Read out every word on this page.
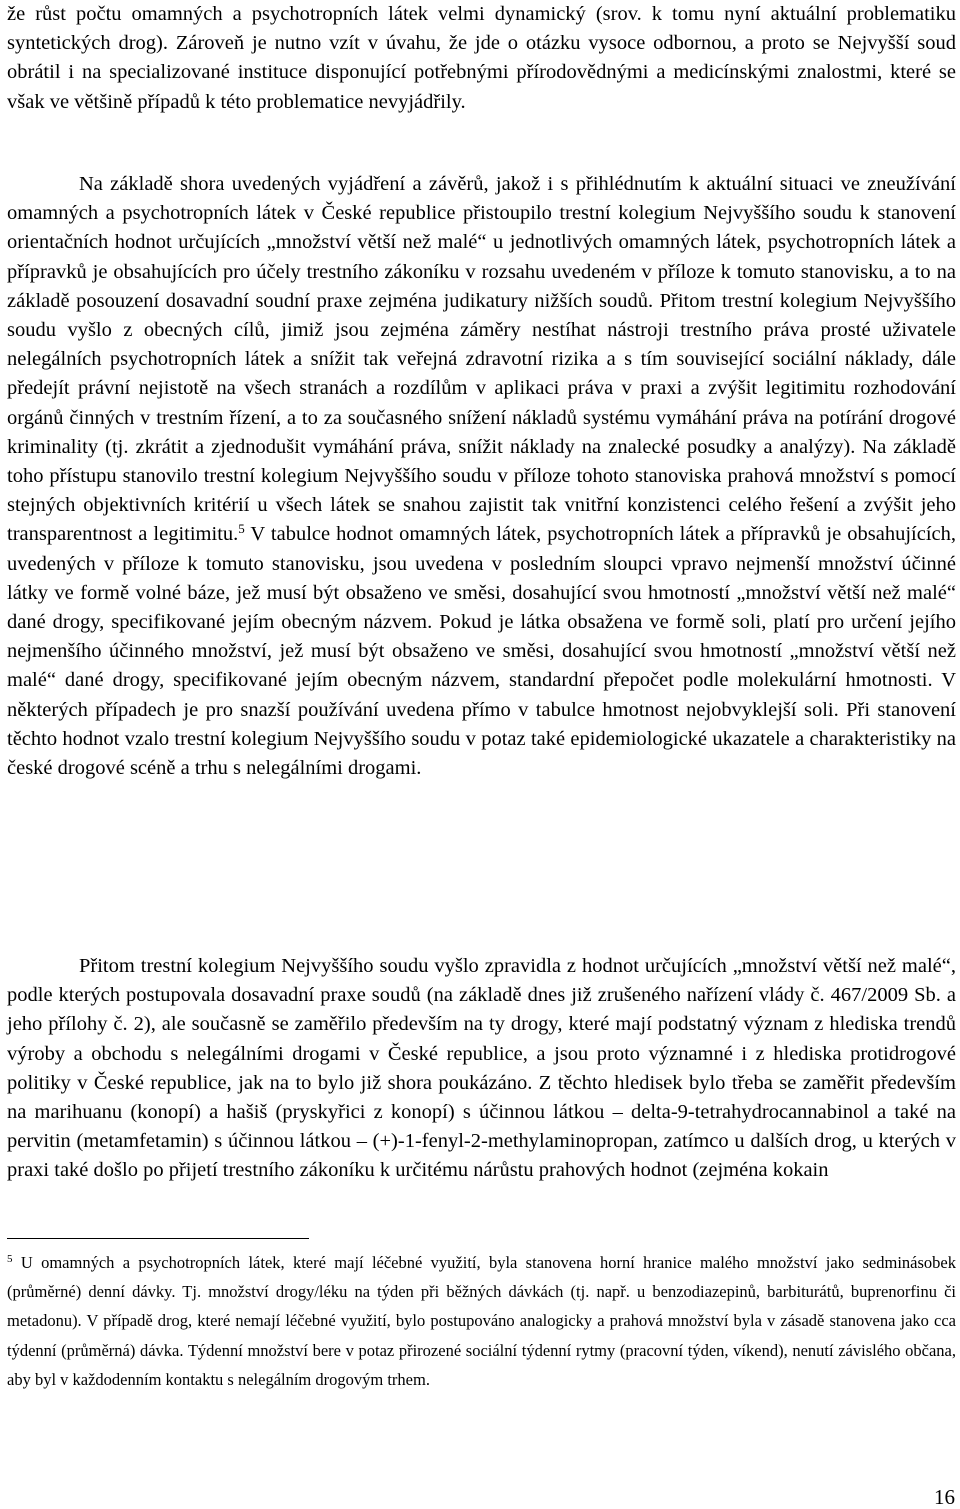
že růst počtu omamných a psychotropních látek velmi dynamický (srov. k tomu nyní aktuální problematiku syntetických drog). Zároveň je nutno vzít v úvahu, že jde o otázku vysoce odbornou, a proto se Nejvyšší soud obrátil i na specializované instituce disponující potřebnými přírodovědnými a medicínskými znalostmi, které se však ve většině případů k této problematice nevyjádřily.

Na základě shora uvedených vyjádření a závěrů, jakož i s přihlédnutím k aktuální situaci ve zneužívání omamných a psychotropních látek v České republice přistoupilo trestní kolegium Nejvyššího soudu k stanovení orientačních hodnot určujících „množství větší než malé“ u jednotlivých omamných látek, psychotropních látek a přípravků je obsahujících pro účely trestního zákoníku v rozsahu uvedeném v příloze k tomuto stanovisku, a to na základě posouzení dosavadní soudní praxe zejména judikatury nižších soudů. Přitom trestní kolegium Nejvyššího soudu vyšlo z obecných cílů, jimiž jsou zejména záměry nestíhat nástroji trestního práva prosté uživatele nelegálních psychotropních látek a snížit tak veřejná zdravotní rizika a s tím související sociální náklady, dále předejít právní nejistotě na všech stranách a rozdílům v aplikaci práva v praxi a zvýšit legitimitu rozhodování orgánů činných v trestním řízení, a to za současného snížení nákladů systému vymáhání práva na potírání drogové kriminality (tj. zkrátit a zjednodušit vymáhání práva, snížit náklady na znalecké posudky a analýzy). Na základě toho přístupu stanovilo trestní kolegium Nejvyššího soudu v příloze tohoto stanoviska prahová množství s pomocí stejných objektivních kritérií u všech látek se snahou zajistit tak vnitřní konzistenci celého řešení a zvýšit jeho transparentnost a legitimitu.$^5$ V tabulce hodnot omamných látek, psychotropních látek a přípravků je obsahujících, uvedených v příloze k tomuto stanovisku, jsou uvedena v posledním sloupci vpravo nejmenší množství účinné látky ve formě volné báze, jež musí být obsaženo ve směsi, dosahující svou hmotností „množství větší než malé“ dané drogy, specifikované jejím obecným názvem. Pokud je látka obsažena ve formě soli, platí pro určení jejího nejmenšího účinného množství, jež musí být obsaženo ve směsi, dosahující svou hmotností „množství větší než malé“ dané drogy, specifikované jejím obecným názvem, standardní přepočet podle molekulární hmotnosti. V některých případech je pro snazší používání uvedena přímo v tabulce hmotnost nejobvyklejší soli. Při stanovení těchto hodnot vzalo trestní kolegium Nejvyššího soudu v potaz také epidemiologické ukazatele a charakteristiky na české drogové scéně a trhu s nelegálními drogami.

Přitom trestní kolegium Nejvyššího soudu vyšlo zpravidla z hodnot určujících „množství větší než malé“, podle kterých postupovala dosavadní praxe soudů (na základě dnes již zrušeného nařízení vlády č. 467/2009 Sb. a jeho přílohy č. 2), ale současně se zaměřilo především na ty drogy, které mají podstatný význam z hlediska trendů výroby a obchodu s nelegálními drogami v České republice, a jsou proto významné i z hlediska protidrogové politiky v České republice, jak na to bylo již shora poukázáno. Z těchto hledisek bylo třeba se zaměřit především na marihuanu (konopí) a hašiš (pryskyřici z konopí) s účinnou látkou – delta-9-tetrahydrocannabinol a také na pervitin (metamfetamin) s účinnou látkou – (+)-1-fenyl-2-methylaminopropan, zatímco u dalších drog, u kterých v praxi také došlo po přijetí trestního zákoníku k určitému nárůstu prahových hodnot (zejména kokain

$^5$ U omamných a psychotropních látek, které mají léčebné využití, byla stanovena horní hranice malého množství jako sedminásobek (průměrné) denní dávky. Tj. množství drogy/léku na týden při běžných dávkách (tj. např. u benzodiazepinů, barbiturátů, buprenorfinu či metadonu). V případě drog, které nemají léčebné využití, bylo postupováno analogicky a prahová množství byla v zásadě stanovena jako cca týdenní (průměrná) dávka. Týdenní množství bere v potaz přirozené sociální týdenní rytmy (pracovní týden, víkend), nenutí závislého občana, aby byl v každodenním kontaktu s nelegálním drogovým trhem.

16
